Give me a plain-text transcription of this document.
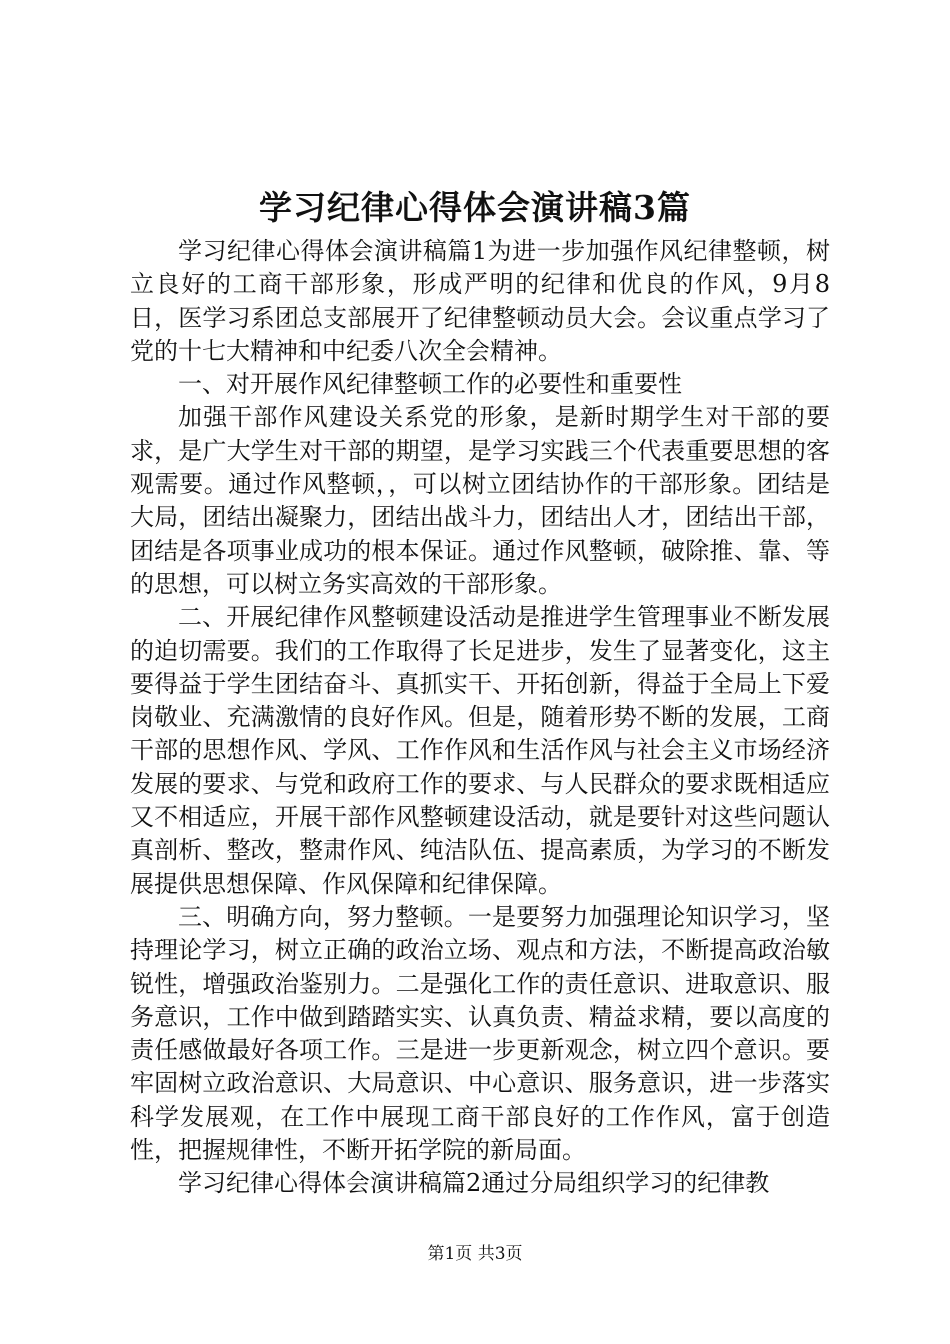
学习纪律心得体会演讲稿3篇

学习纪律心得体会演讲稿篇1为进一步加强作风纪律整顿，树立良好的工商干部形象，形成严明的纪律和优良的作风，9月8日，医学习系团总支部展开了纪律整顿动员大会。会议重点学习了党的十七大精神和中纪委八次全会精神。

一、对开展作风纪律整顿工作的必要性和重要性

加强干部作风建设关系党的形象，是新时期学生对干部的要求，是广大学生对干部的期望，是学习实践三个代表重要思想的客观需要。通过作风整顿，，可以树立团结协作的干部形象。团结是大局，团结出凝聚力，团结出战斗力，团结出人才，团结出干部，团结是各项事业成功的根本保证。通过作风整顿，破除推、靠、等的思想，可以树立务实高效的干部形象。

二、开展纪律作风整顿建设活动是推进学生管理事业不断发展的迫切需要。我们的工作取得了长足进步，发生了显著变化，这主要得益于学生团结奋斗、真抓实干、开拓创新，得益于全局上下爱岗敬业、充满激情的良好作风。但是，随着形势不断的发展，工商干部的思想作风、学风、工作作风和生活作风与社会主义市场经济发展的要求、与党和政府工作的要求、与人民群众的要求既相适应又不相适应，开展干部作风整顿建设活动，就是要针对这些问题认真剖析、整改，整肃作风、纯洁队伍、提高素质，为学习的不断发展提供思想保障、作风保障和纪律保障。

三、明确方向，努力整顿。一是要努力加强理论知识学习，坚持理论学习，树立正确的政治立场、观点和方法，不断提高政治敏锐性，增强政治鉴别力。二是强化工作的责任意识、进取意识、服务意识，工作中做到踏踏实实、认真负责、精益求精，要以高度的责任感做最好各项工作。三是进一步更新观念，树立四个意识。要牢固树立政治意识、大局意识、中心意识、服务意识，进一步落实科学发展观，在工作中展现工商干部良好的工作作风，富于创造性，把握规律性，不断开拓学院的新局面。

学习纪律心得体会演讲稿篇2通过分局组织学习的纪律教

第1页 共3页
